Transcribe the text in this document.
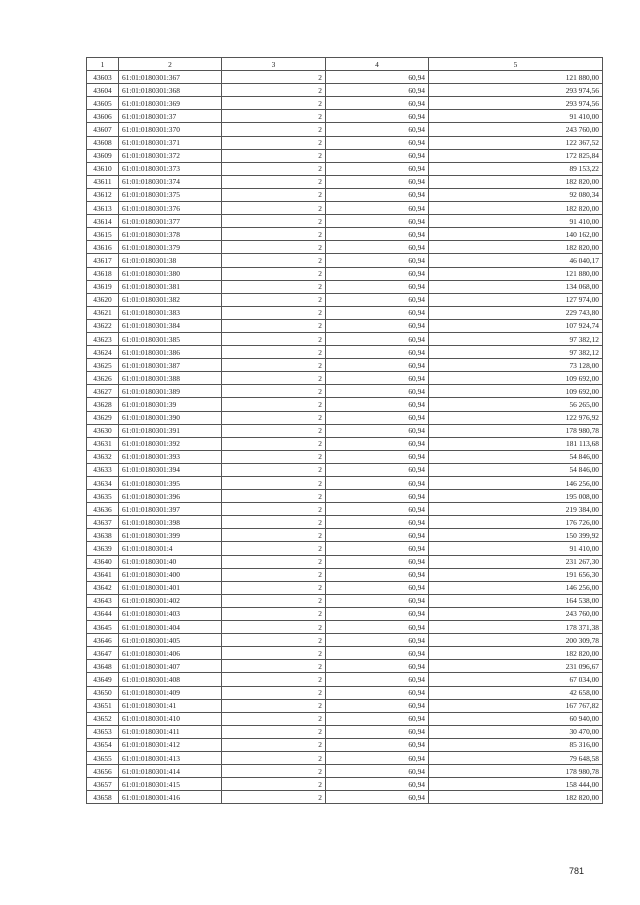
1	2	3	4	5
43603	61:01:0180301:367	2	60,94	121 880,00
43604	61:01:0180301:368	2	60,94	293 974,56
43605	61:01:0180301:369	2	60,94	293 974,56
43606	61:01:0180301:37	2	60,94	91 410,00
43607	61:01:0180301:370	2	60,94	243 760,00
43608	61:01:0180301:371	2	60,94	122 367,52
43609	61:01:0180301:372	2	60,94	172 825,84
43610	61:01:0180301:373	2	60,94	89 153,22
43611	61:01:0180301:374	2	60,94	182 820,00
43612	61:01:0180301:375	2	60,94	92 080,34
43613	61:01:0180301:376	2	60,94	182 820,00
43614	61:01:0180301:377	2	60,94	91 410,00
43615	61:01:0180301:378	2	60,94	140 162,00
43616	61:01:0180301:379	2	60,94	182 820,00
43617	61:01:0180301:38	2	60,94	46 040,17
43618	61:01:0180301:380	2	60,94	121 880,00
43619	61:01:0180301:381	2	60,94	134 068,00
43620	61:01:0180301:382	2	60,94	127 974,00
43621	61:01:0180301:383	2	60,94	229 743,80
43622	61:01:0180301:384	2	60,94	107 924,74
43623	61:01:0180301:385	2	60,94	97 382,12
43624	61:01:0180301:386	2	60,94	97 382,12
43625	61:01:0180301:387	2	60,94	73 128,00
43626	61:01:0180301:388	2	60,94	109 692,00
43627	61:01:0180301:389	2	60,94	109 692,00
43628	61:01:0180301:39	2	60,94	56 265,00
43629	61:01:0180301:390	2	60,94	122 976,92
43630	61:01:0180301:391	2	60,94	178 980,78
43631	61:01:0180301:392	2	60,94	181 113,68
43632	61:01:0180301:393	2	60,94	54 846,00
43633	61:01:0180301:394	2	60,94	54 846,00
43634	61:01:0180301:395	2	60,94	146 256,00
43635	61:01:0180301:396	2	60,94	195 008,00
43636	61:01:0180301:397	2	60,94	219 384,00
43637	61:01:0180301:398	2	60,94	176 726,00
43638	61:01:0180301:399	2	60,94	150 399,92
43639	61:01:0180301:4	2	60,94	91 410,00
43640	61:01:0180301:40	2	60,94	231 267,30
43641	61:01:0180301:400	2	60,94	191 656,30
43642	61:01:0180301:401	2	60,94	146 256,00
43643	61:01:0180301:402	2	60,94	164 538,00
43644	61:01:0180301:403	2	60,94	243 760,00
43645	61:01:0180301:404	2	60,94	178 371,38
43646	61:01:0180301:405	2	60,94	200 309,78
43647	61:01:0180301:406	2	60,94	182 820,00
43648	61:01:0180301:407	2	60,94	231 096,67
43649	61:01:0180301:408	2	60,94	67 034,00
43650	61:01:0180301:409	2	60,94	42 658,00
43651	61:01:0180301:41	2	60,94	167 767,82
43652	61:01:0180301:410	2	60,94	60 940,00
43653	61:01:0180301:411	2	60,94	30 470,00
43654	61:01:0180301:412	2	60,94	85 316,00
43655	61:01:0180301:413	2	60,94	79 648,58
43656	61:01:0180301:414	2	60,94	178 980,78
43657	61:01:0180301:415	2	60,94	158 444,00
43658	61:01:0180301:416	2	60,94	182 820,00
781
